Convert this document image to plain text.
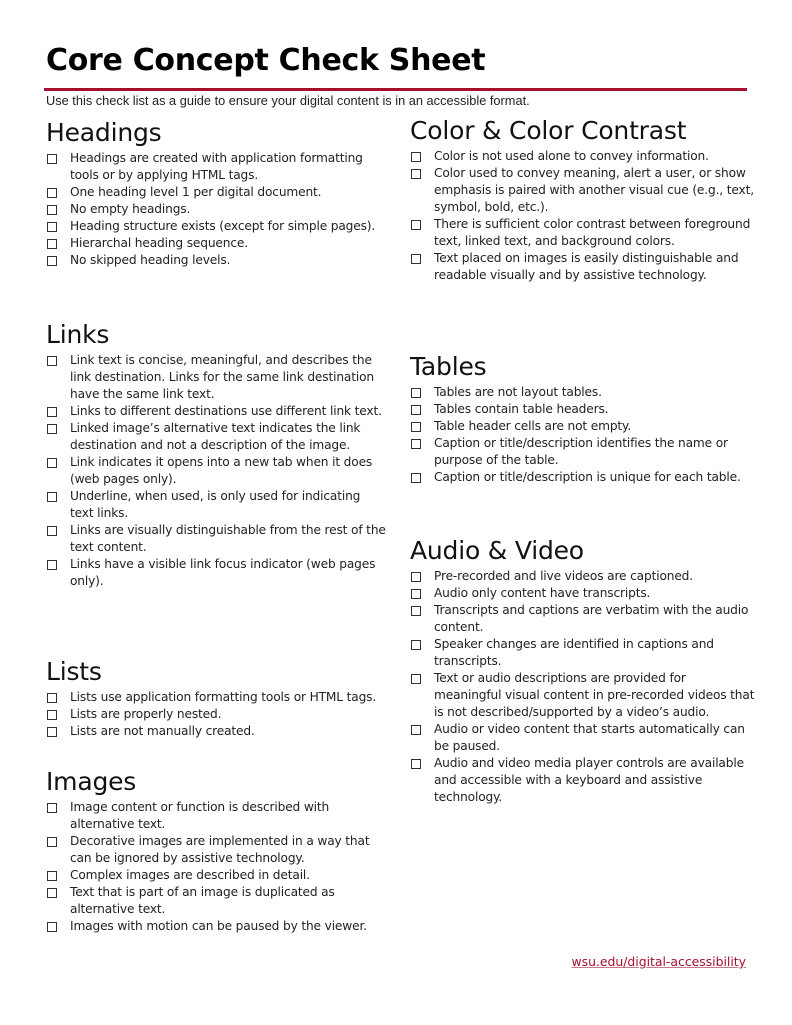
Core Concept Check Sheet

Use this check list as a guide to ensure your digital content is in an accessible format.

Headings
Headings are created with application formatting tools or by applying HTML tags.
One heading level 1 per digital document.
No empty headings.
Heading structure exists (except for simple pages).
Hierarchal heading sequence.
No skipped heading levels.
Links
Link text is concise, meaningful, and describes the link destination. Links for the same link destination have the same link text.
Links to different destinations use different link text.
Linked image’s alternative text indicates the link destination and not a description of the image.
Link indicates it opens into a new tab when it does (web pages only).
Underline, when used, is only used for indicating text links.
Links are visually distinguishable from the rest of the text content.
Links have a visible link focus indicator (web pages only).
Lists
Lists use application formatting tools or HTML tags.
Lists are properly nested.
Lists are not manually created.
Images
Image content or function is described with alternative text.
Decorative images are implemented in a way that can be ignored by assistive technology.
Complex images are described in detail.
Text that is part of an image is duplicated as alternative text.
Images with motion can be paused by the viewer.
Color & Color Contrast
Color is not used alone to convey information.
Color used to convey meaning, alert a user, or show emphasis is paired with another visual cue (e.g., text, symbol, bold, etc.).
There is sufficient color contrast between foreground text, linked text, and background colors.
Text placed on images is easily distinguishable and readable visually and by assistive technology.
Tables
Tables are not layout tables.
Tables contain table headers.
Table header cells are not empty.
Caption or title/description identifies the name or purpose of the table.
Caption or title/description is unique for each table.
Audio & Video
Pre-recorded and live videos are captioned.
Audio only content have transcripts.
Transcripts and captions are verbatim with the audio content.
Speaker changes are identified in captions and transcripts.
Text or audio descriptions are provided for meaningful visual content in pre-recorded videos that is not described/supported by a video’s audio.
Audio or video content that starts automatically can be paused.
Audio and video media player controls are available and accessible with a keyboard and assistive technology.
wsu.edu/digital-accessibility
